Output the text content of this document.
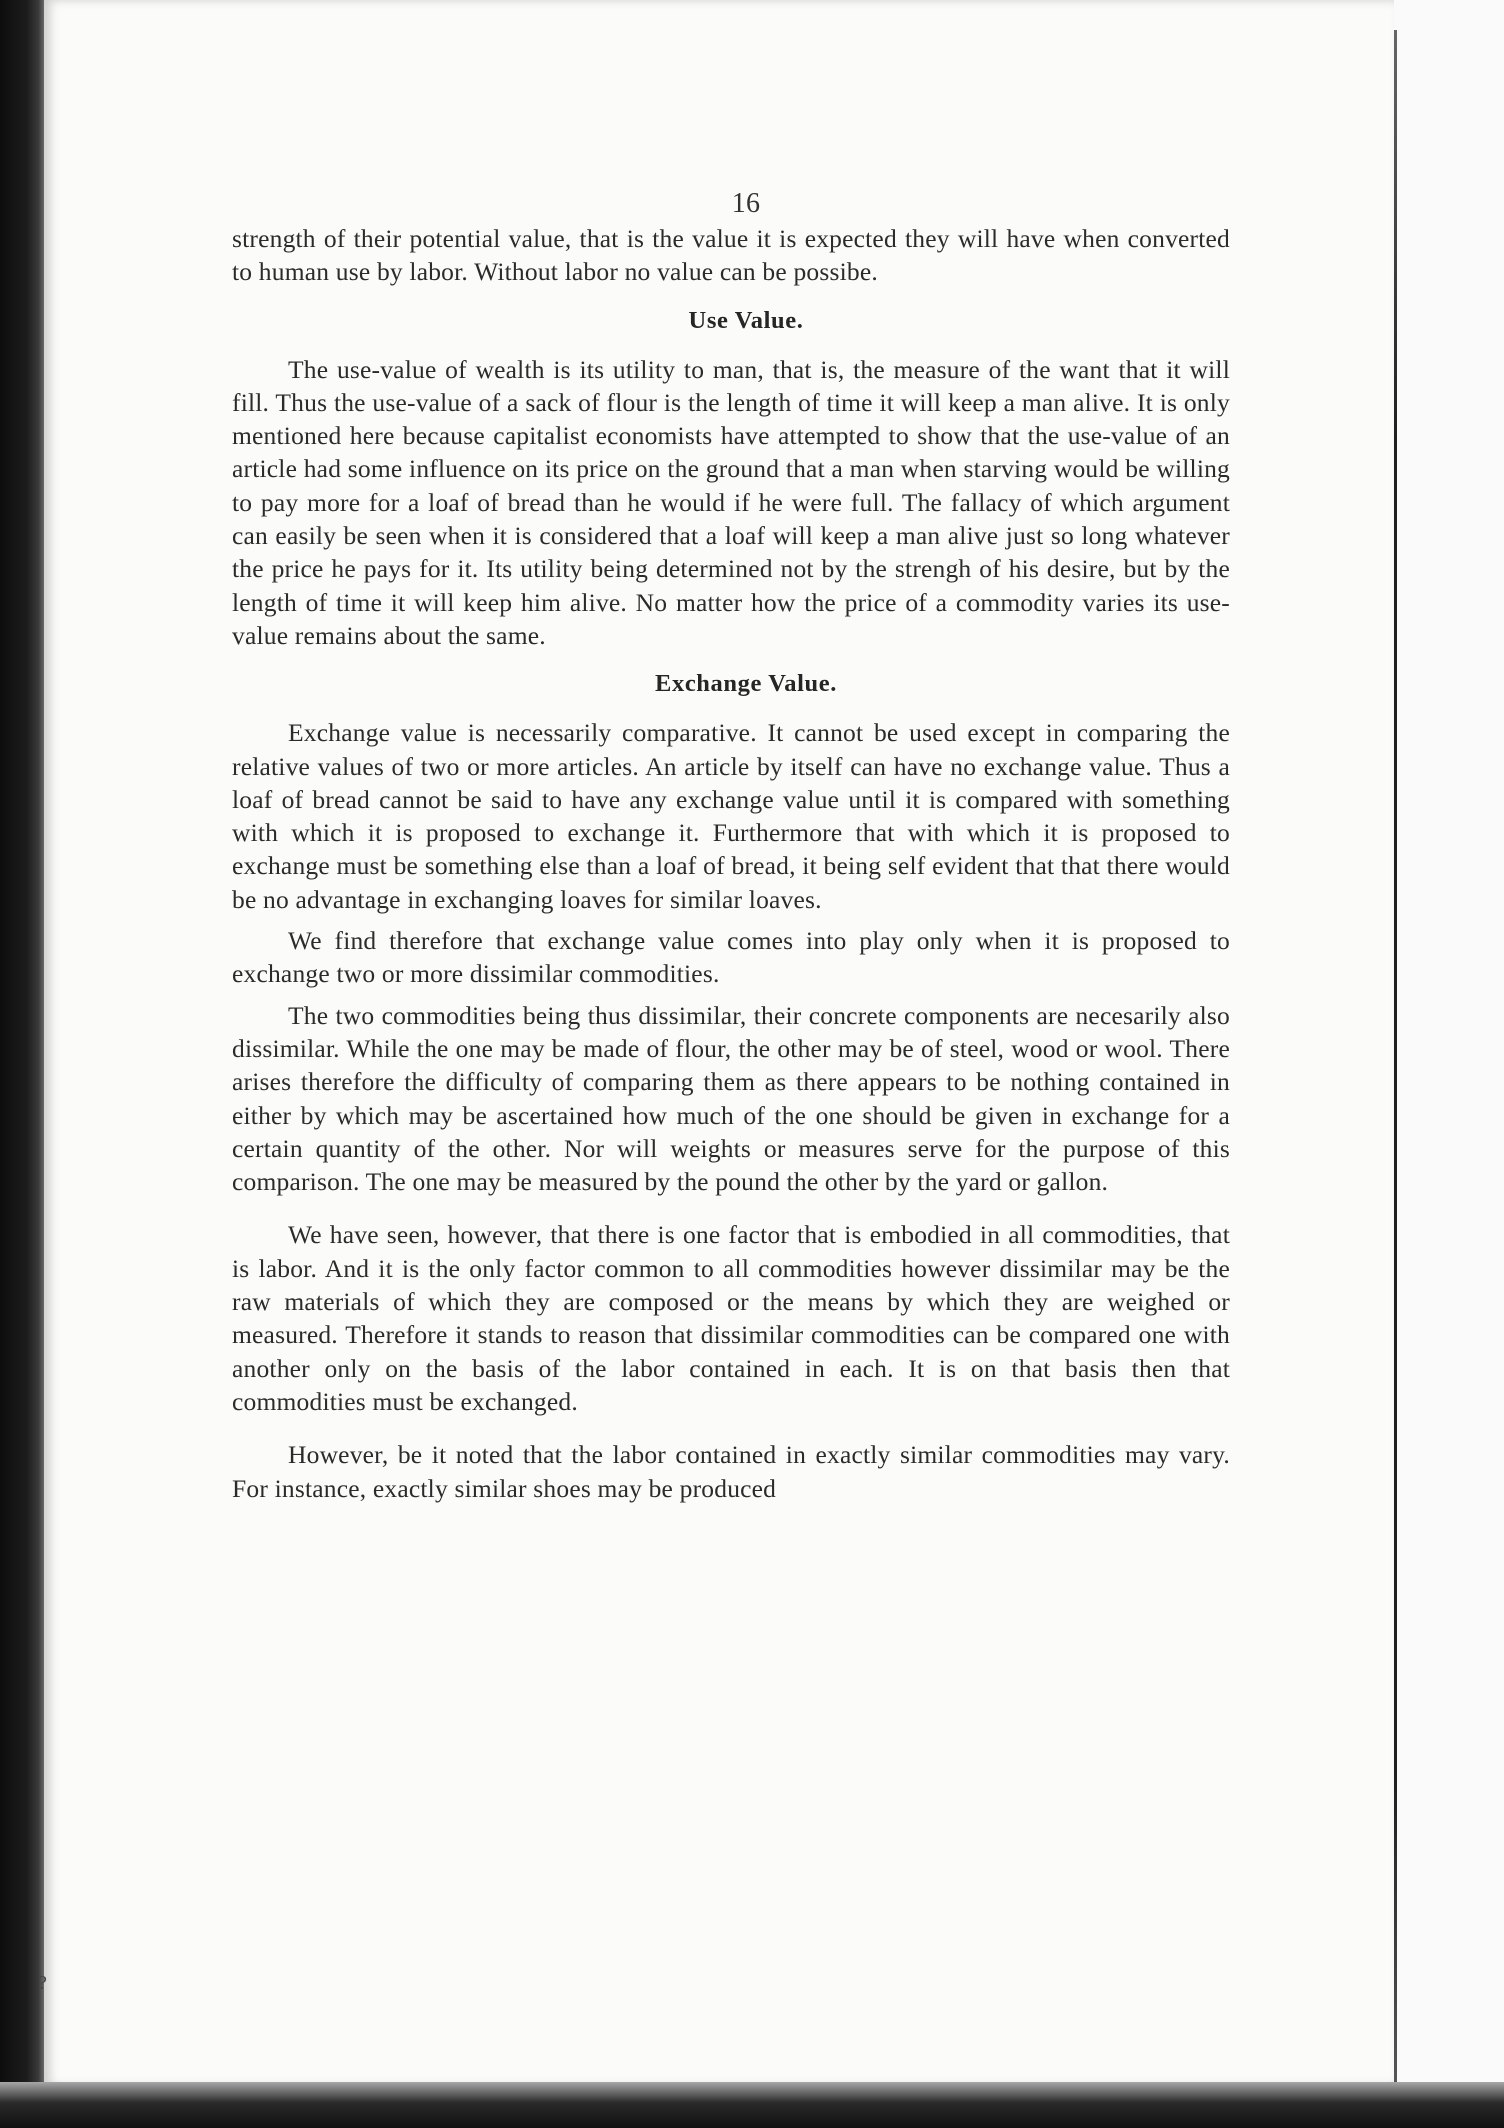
?
16

strength of their potential value, that is the value it is expected they will have when converted to human use by labor. Without labor no value can be possibe.

Use Value.

The use-value of wealth is its utility to man, that is, the measure of the want that it will fill. Thus the use-value of a sack of flour is the length of time it will keep a man alive. It is only mentioned here because capitalist economists have attempted to show that the use-value of an article had some influence on its price on the ground that a man when starving would be willing to pay more for a loaf of bread than he would if he were full. The fallacy of which argument can easily be seen when it is considered that a loaf will keep a man alive just so long whatever the price he pays for it. Its utility being determined not by the strengh of his desire, but by the length of time it will keep him alive. No matter how the price of a commodity varies its use-value remains about the same.

Exchange Value.

Exchange value is necessarily comparative. It cannot be used except in comparing the relative values of two or more articles. An article by itself can have no exchange value. Thus a loaf of bread cannot be said to have any exchange value until it is compared with something with which it is proposed to exchange it. Furthermore that with which it is proposed to exchange must be something else than a loaf of bread, it being self evident that that there would be no advantage in exchanging loaves for similar loaves.

We find therefore that exchange value comes into play only when it is proposed to exchange two or more dissimilar commodities.

The two commodities being thus dissimilar, their concrete components are necesarily also dissimilar. While the one may be made of flour, the other may be of steel, wood or wool. There arises therefore the difficulty of comparing them as there appears to be nothing contained in either by which may be ascertained how much of the one should be given in exchange for a certain quantity of the other. Nor will weights or measures serve for the purpose of this comparison. The one may be measured by the pound the other by the yard or gallon.

We have seen, however, that there is one factor that is embodied in all commodities, that is labor. And it is the only factor common to all commodities however dissimilar may be the raw materials of which they are composed or the means by which they are weighed or measured. Therefore it stands to reason that dissimilar commodities can be compared one with another only on the basis of the labor contained in each. It is on that basis then that commodities must be exchanged.

However, be it noted that the labor contained in exactly similar commodities may vary. For instance, exactly similar shoes may be produced
